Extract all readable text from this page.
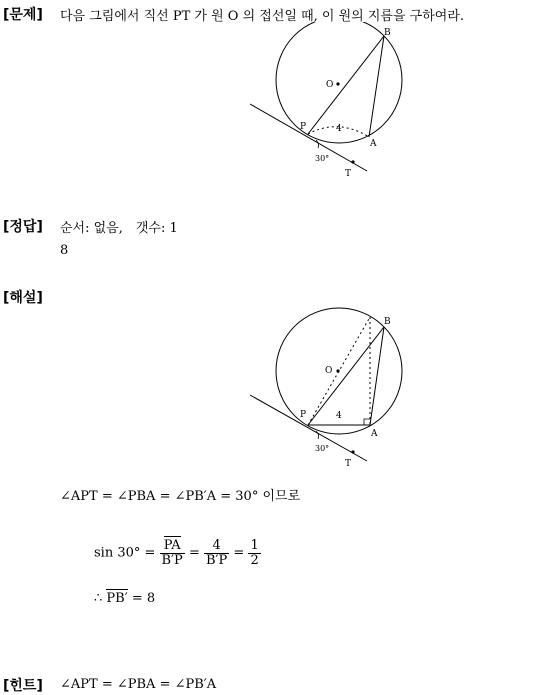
[문제] 다음 그림에서 직선 PT 가 원 O 의 접선일 때, 이 원의 지름을 구하여라.
B
O
P
A
T
4
30°
[정답] 순서: 없음,　갯수: 1
8
[해설]
B
O
P
A
T
4
30°
∠APT = ∠PBA = ∠PB′A = 30° 이므로
$\sin 30^\circ = \frac{PA}{B'P} = \frac{4}{B'P} = \frac{1}{2}$
∴ PB′ = 8
[힌트] ∠APT = ∠PBA = ∠PB′A
